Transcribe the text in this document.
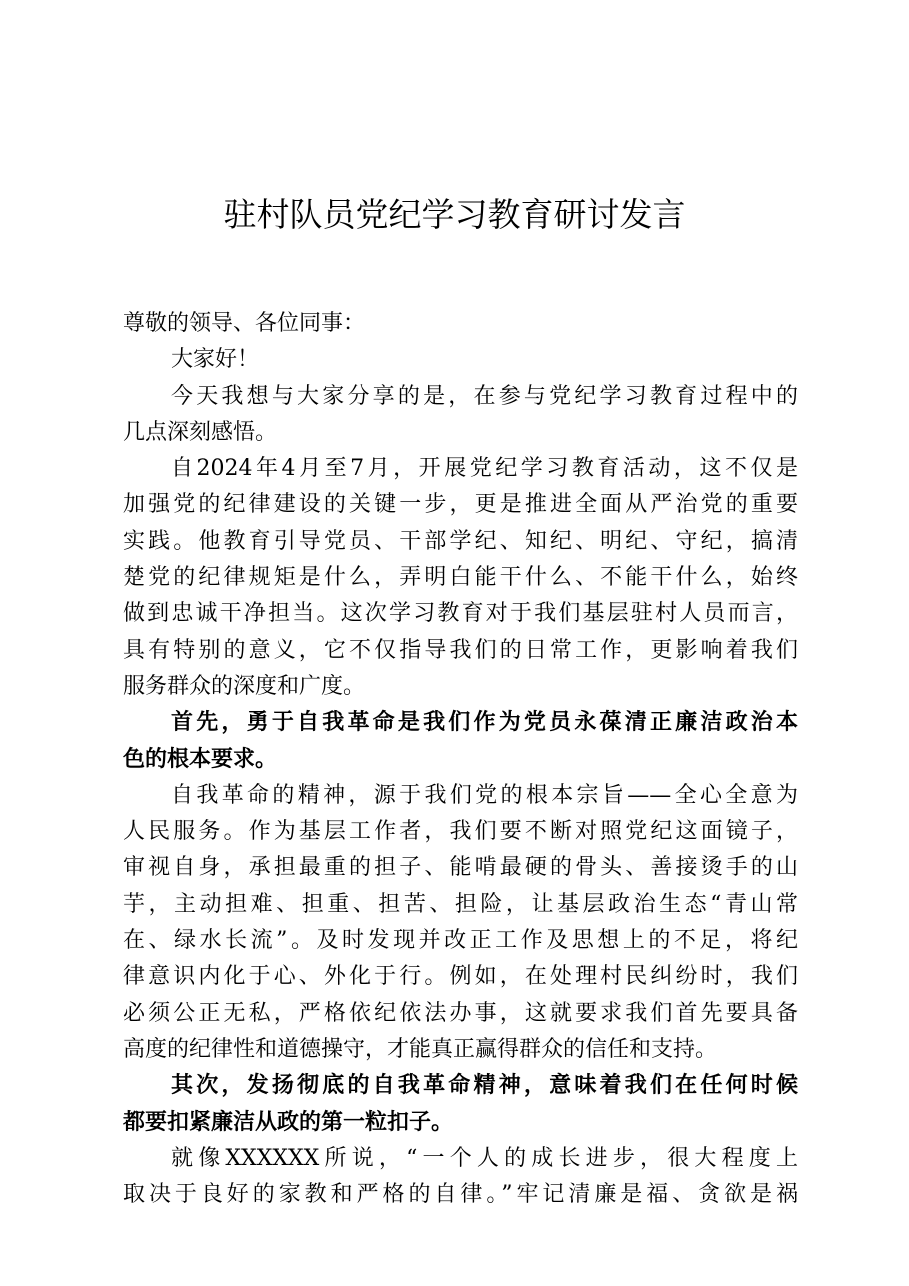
驻村队员党纪学习教育研讨发言
尊敬的领导、各位同事：
大家好！
今天我想与大家分享的是，在参与党纪学习教育过程中的
几点深刻感悟。
自2024年4月至7月，开展党纪学习教育活动，这不仅是
加强党的纪律建设的关键一步，更是推进全面从严治党的重要
实践。他教育引导党员、干部学纪、知纪、明纪、守纪，搞清
楚党的纪律规矩是什么，弄明白能干什么、不能干什么，始终
做到忠诚干净担当。这次学习教育对于我们基层驻村人员而言，
具有特别的意义，它不仅指导我们的日常工作，更影响着我们
服务群众的深度和广度。
首先，勇于自我革命是我们作为党员永葆清正廉洁政治本
色的根本要求。
自我革命的精神，源于我们党的根本宗旨——全心全意为
人民服务。作为基层工作者，我们要不断对照党纪这面镜子，
审视自身，承担最重的担子、能啃最硬的骨头、善接烫手的山
芋，主动担难、担重、担苦、担险，让基层政治生态“青山常
在、绿水长流”。及时发现并改正工作及思想上的不足，将纪
律意识内化于心、外化于行。例如，在处理村民纠纷时，我们
必须公正无私，严格依纪依法办事，这就要求我们首先要具备
高度的纪律性和道德操守，才能真正赢得群众的信任和支持。
其次，发扬彻底的自我革命精神，意味着我们在任何时候
都要扣紧廉洁从政的第一粒扣子。
就像XXXXXX所说，“一个人的成长进步，很大程度上
取决于良好的家教和严格的自律。”牢记清廉是福、贪欲是祸
